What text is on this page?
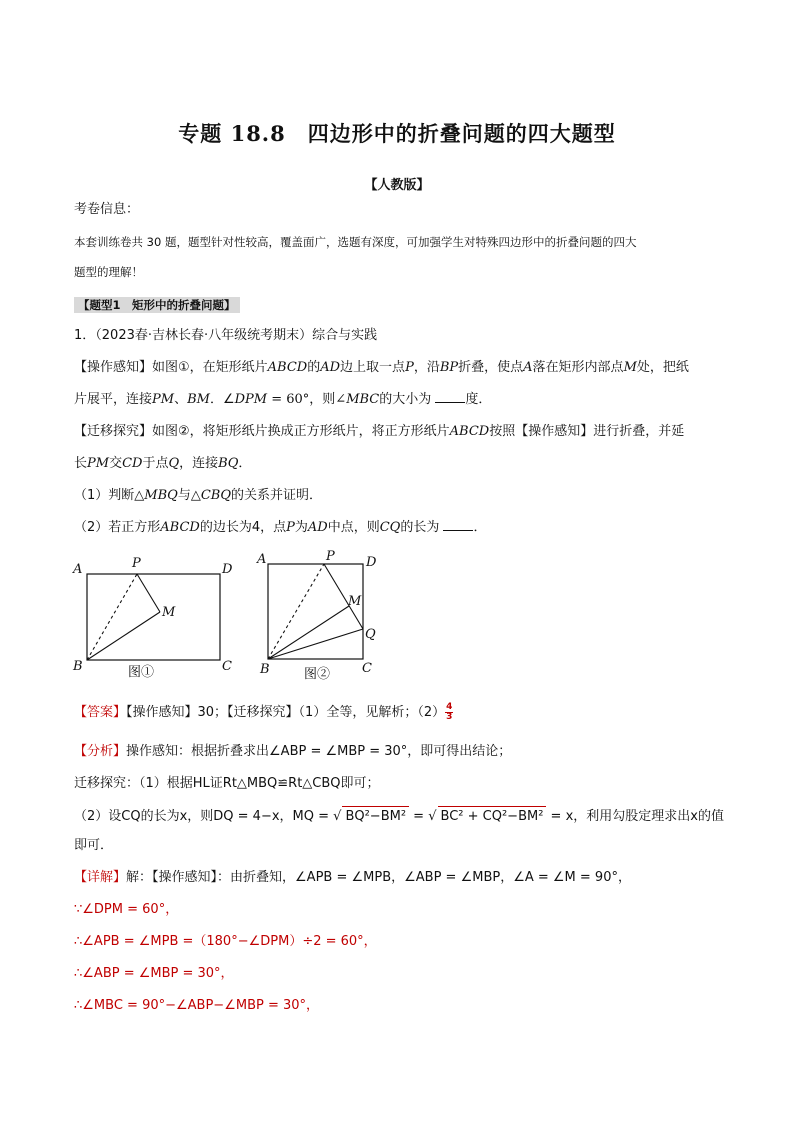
专题 18.8　四边形中的折叠问题的四大题型
【人教版】
考卷信息：
本套训练卷共 30 题，题型针对性较高，覆盖面广，选题有深度，可加强学生对特殊四边形中的折叠问题的四大
题型的理解！
【题型1　矩形中的折叠问题】
1．（2023春·吉林长春·八年级统考期末）综合与实践
【操作感知】如图①，在矩形纸片ABCD的AD边上取一点P，沿BP折叠，使点A落在矩形内部点M处，把纸
片展平，连接PM、BM．∠DPM = 60°，则∠MBC的大小为 度．
【迁移探究】如图②，将矩形纸片换成正方形纸片，将正方形纸片ABCD按照【操作感知】进行折叠，并延
长PM交CD于点Q，连接BQ．
（1）判断△MBQ与△CBQ的关系并证明．
（2）若正方形ABCD的边长为4，点P为AD中点，则CQ的长为 ．
A
B	C
D
P
M
图①
A
B	C
D
P
M
Q
图②
【答案】【操作感知】30；【迁移探究】（1）全等，见解析；$(2) \frac{4}{3}$
【分析】操作感知：根据折叠求出∠ABP = ∠MBP = 30°，即可得出结论；
迁移探究：（1）根据HL证Rt△MBQ≌Rt△CBQ即可；
（2）设CQ的长为x，则DQ = 4−x，MQ = √ BQ²−BM² = √ BC² + CQ²−BM² = x，利用勾股定理求出x的值
即可．
【详解】解：【操作感知】：由折叠知，∠APB = ∠MPB，∠ABP = ∠MBP，∠A = ∠M = 90°，
∵∠DPM = 60°，
∴∠APB = ∠MPB =（180°−∠DPM）÷2 = 60°，
∴∠ABP = ∠MBP = 30°，
∴∠MBC = 90°−∠ABP−∠MBP = 30°，
